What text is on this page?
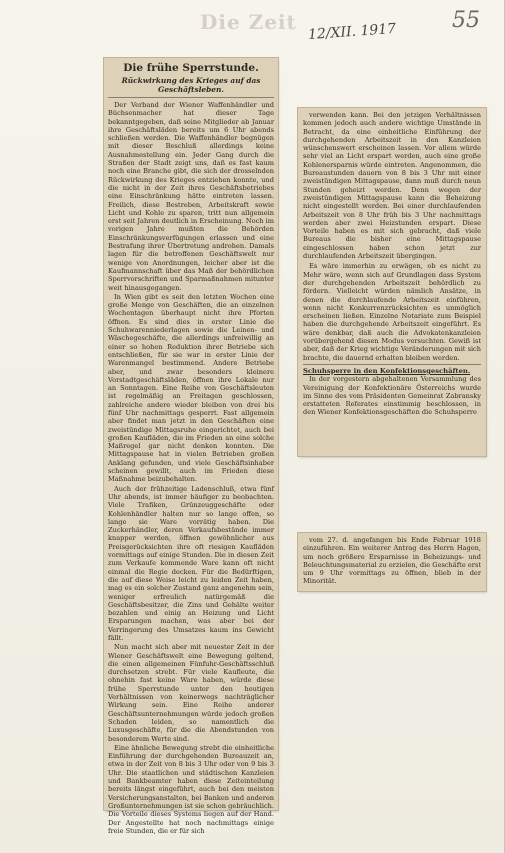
Die Zeit 12/XII. 1917	55
Die frühe Sperrstunde.
Rückwirkung des Krieges auf das Geschäftsleben.

Der Verband der Wiener Waffenhändler und Büchsenmacher hat dieser Tage bekanntgegeben, daß seine Mitglieder ab Januar ihre Geschäftsläden bereits um 6 Uhr abends schließen werden. Die Waffenhändler begnügen mit dieser Beschluß allerdings keine Ausnahmestellung ein. Jeder Gang durch die Straßen der Stadt zeigt uns, daß es fast kaum noch eine Branche gibt, die sich der drosselnden Rückwirkung des Krieges entziehen konnte, und die nicht in der Zeit ihres Geschäftsbetriebes eine Einschränkung hätte eintreten lassen. Freilich, diese Bestreben, Arbeitskraft sowie Licht und Kohle zu sparen, tritt nun allgemein erst seit Jahren deutlich in Erscheinung. Noch im vorigen Jahre mußten die Behörden Einschränkungsverfügungen erlassen und eine Bestrafung ihrer Übertretung androhen. Damals lagen für die betroffenen Geschäftswelt nur wenige von Anordnungen, leicher aber ist die Kaufmannschaft über das Maß der behördlichen Sperrvorschriften und Sparmaßnahmen mitunter weit hinausgegangen.

In Wien gibt es seit den letzten Wochen eine große Menge von Geschäften, die an einzelnen Wochentagen überhaupt nicht ihre Pforten öffnen. Es sind dies in erster Linie die Schuhwarenniederlagen sowie die Leinen- und Wäschegeschäfte, die allerdings unfreiwillig an einer so hohen Reduktion ihrer Betriebe sich entschließen, für sie war in erster Linie der Warenmangel bestimmend. Andere Betriebe aber, und zwar besonders kleinere Vorstadtgeschäftsläden, öffnen ihre Lokale nur an Sonntagen. Eine Reihe von Geschäftsleuten ist regelmäßig an Freitagen geschlossen, zahlreiche andere wieder bleiben von drei bis fünf Uhr nachmittags gesperrt. Fast allgemein aber findet man jetzt in den Geschäften eine zweistündige Mittagsruhe eingerichtet, auch bei großen Kaufläden, die im Frieden an eine solche Maßregel gar nicht denken konnten. Die Mittagspause hat in vielen Betrieben großen Anklang gefunden, und viele Geschäftsinhaber scheinen gewillt, auch im Frieden diese Maßnahme beizubehalten.

Auch der frühzeitige Ladenschluß, etwa fünf Uhr abends, ist immer häufiger zu beobachten. Viele Trafiken, Grünzeuggeschäfte oder Kohlenhändler halten nur so lange offen, so lange sie Ware vorrätig haben. Die Zuckerhändler, deren Verkaufsbestände immer knapper werden, öffnen gewöhnlicher aus Preisgerücksichten ihre oft riesigen Kaufläden vormittags auf einige Stunden. Die in diesen Zeit zum Verkaufe kommende Ware kann oft nicht einmal die Regie decken. Für die Bedürftigen, die auf diese Weise leicht zu leiden Zeit haben, mag es ein solcher Zustand ganz angenehm sein, weniger erfreulich natürgemäß die Geschäftsbesitzer, die Zins und Gehälte weiter bezahlen und einig an Heizung und Licht Ersparungen machen, was aber bei der Verringerung des Umsatzes kaum ins Gewicht fällt.

Nun macht sich aber mit neuester Zeit in der Wiener Geschäftswelt eine Bewegung geltend, die einen allgemeinen Fünfuhr-Geschäftsschluß durchsetzen strebt. Für viele Kaufleute, die ohnehin fast keine Ware haben, würde diese frühe Sperrstunde unter den heutigen Verhältnissen von keinerwegs nachträglicher Wirkung sein. Eine Reihe anderer Geschäftsunternehmungen würde jedoch großen Schaden leiden, so namentlich die Luxusgeschäfte, für die die Abendstunden von besonderem Werte sind.

Eine ähnliche Bewegung strebt die einheitliche Einführung der durchgehenden Bureauzeit an, etwa in der Zeit von 8 bis 3 Uhr oder von 9 bis 3 Uhr. Die staatlichen und städtischen Kanzleien und Bankbeamter haben diese Zeiteinteilung bereits längst eingeführt, auch bei den meisten Versicherungsanstalten, bei Banken und anderen Großunternehmungen ist sie schon gebräuchlich. Die Vorteile dieses Systems liegen auf der Hand. Der Angestellte hat noch nachmittags einige freie Stunden, die er für sich

verwenden kann. Bei den jetzigen Verhältnissen kommen jedoch auch andere wichtige Umstände in Betracht, da eine einheitliche Einführung der durchgehenden Arbeitszeit in den Kanzleien wünschenswert erscheinen lassen. Vor allem würde sehr viel an Licht erspart werden, auch eine große Kohlenersparnis würde eintreten. Angenommen, die Bureaustunden dauern von 8 bis 3 Uhr mit einer zweistündigen Mittagspause, dann muß durch neun Stunden geheizt werden. Denn wegen der zweistündigen Mittagspause kann die Beheizung nicht eingestellt werden. Bei einer durchlaufenden Arbeitszeit von 8 Uhr früh bis 3 Uhr nachmittags werden aber zwei Heizstunden erspart. Diese Vorteile haben es mit sich gebracht, daß viele Bureaus die bisher eine Mittagspause eingeschlossen haben schon jetzt zur durchlaufenden Arbeitszeit übergingen.

Es wäre immerhin zu erwägen, ob es nicht zu Mehr wäre, wenn sich auf Grundlagen dass System der durchgehenden Arbeitszeit behördlich zu fördern. Vielleicht würden nämlich Ansätze, in denen die durchlaufende Arbeitszeit einführen, wenn nicht Konkurrenzrücksichten es unmöglich erscheinen ließen. Einzelne Notariate zum Beispiel haben die durchgehende Arbeitszeit eingeführt. Es wäre denkbar, daß auch die Advokatenkanzleien vorübergehend diesen Modus versuchten. Gewiß ist aber, daß der Krieg wichtige Veränderungen mit sich brachte, die dauernd erhalten bleiben werden.

Schuhsperre in den Konfektionsgeschäften.

In der vorgestern abgehaltenen Versammlung des Vereinigung der Konfektionäre Österreichs wurde im Sinne des vom Präsidenten Gemeinrat Zabransky erstatteten Referates einstimmig beschlossen, in den Wiener Konfektionsgeschäften die Schuhsperre

vom 27. d. angefangen bis Ende Februar 1918 einzuführen. Ein weiterer Antrag des Herrn Hagen, um noch größere Ersparnisse in Beheizungs- und Beleuchtungsmaterial zu erzielen, die Geschäfte erst um 9 Uhr vormittags zu öffnen, blieb in der Minorität.
